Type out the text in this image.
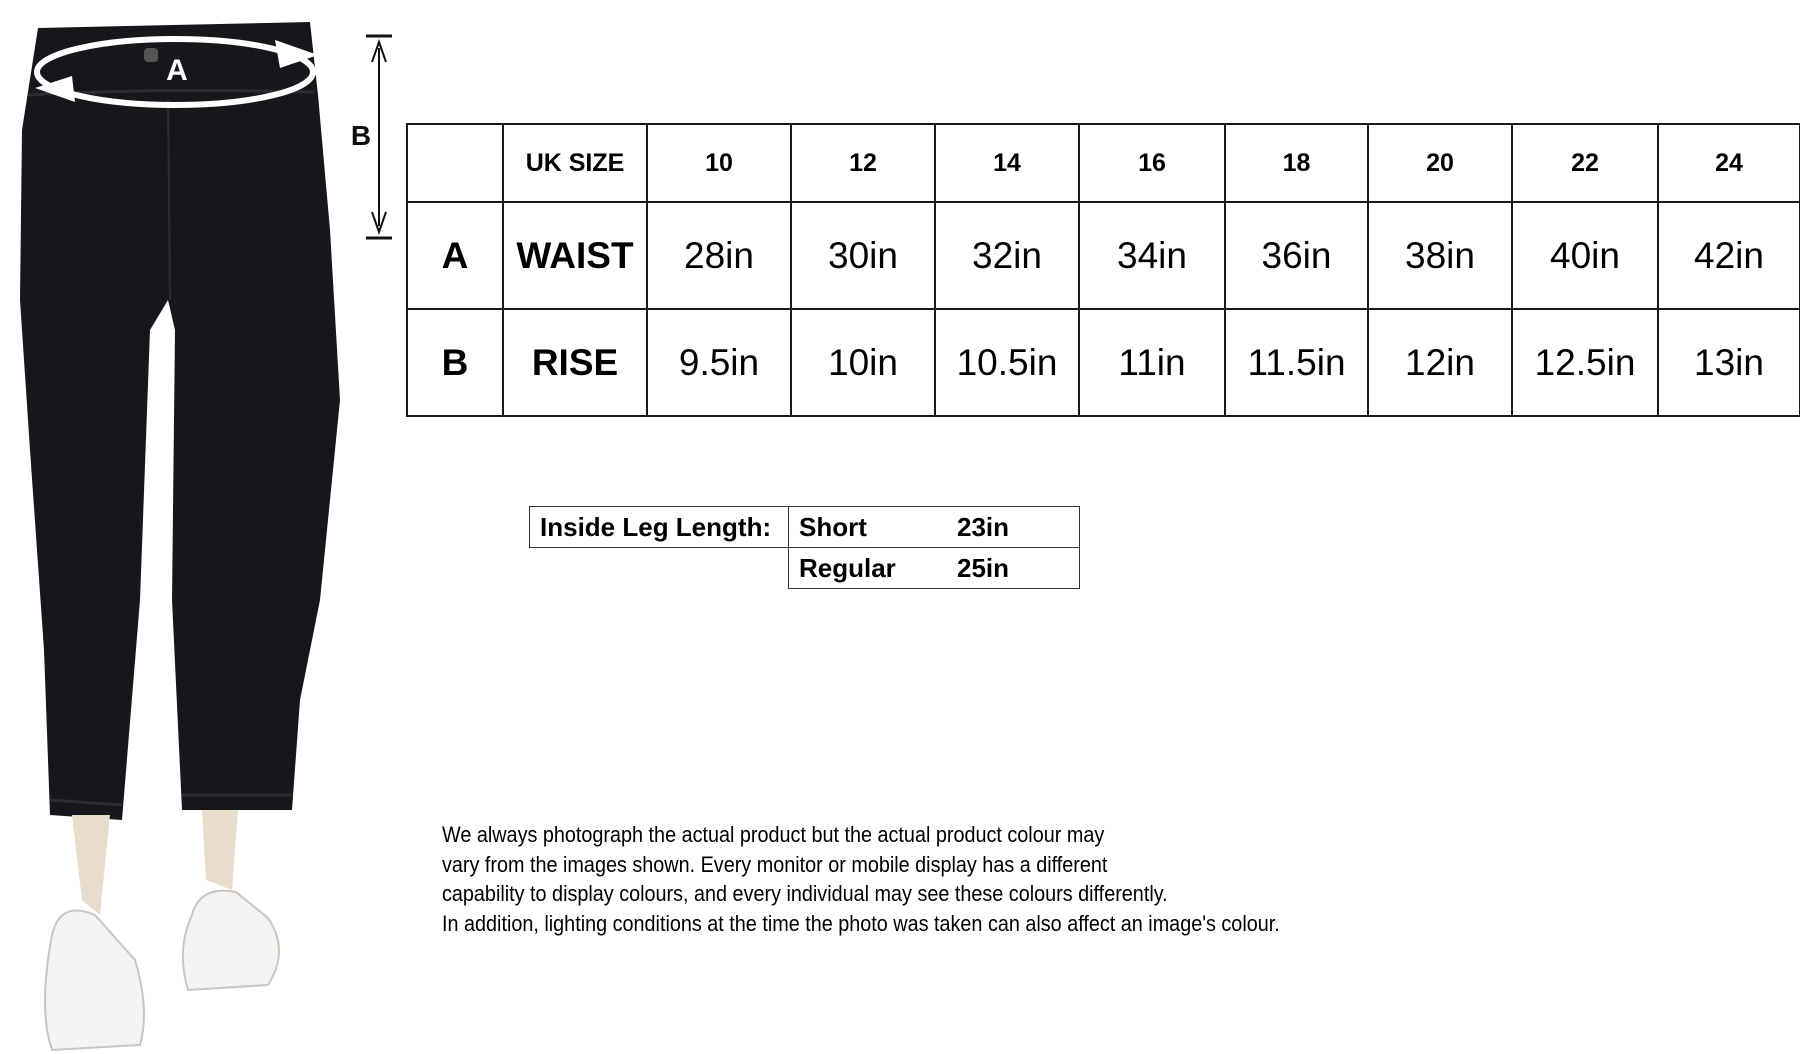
A
B
	UK SIZE	10	12	14	16	18	20	22	24
A	WAIST	28in	30in	32in	34in	36in	38in	40in	42in
B	RISE	9.5in	10in	10.5in	11in	11.5in	12in	12.5in	13in
Inside Leg Length:	Short 23in
	Regular 25in
We always photograph the actual product but the actual product colour may
vary from the images shown. Every monitor or mobile display has a different
capability to display colours, and every individual may see these colours differently.
In addition, lighting conditions at the time the photo was taken can also affect an image's colour.
